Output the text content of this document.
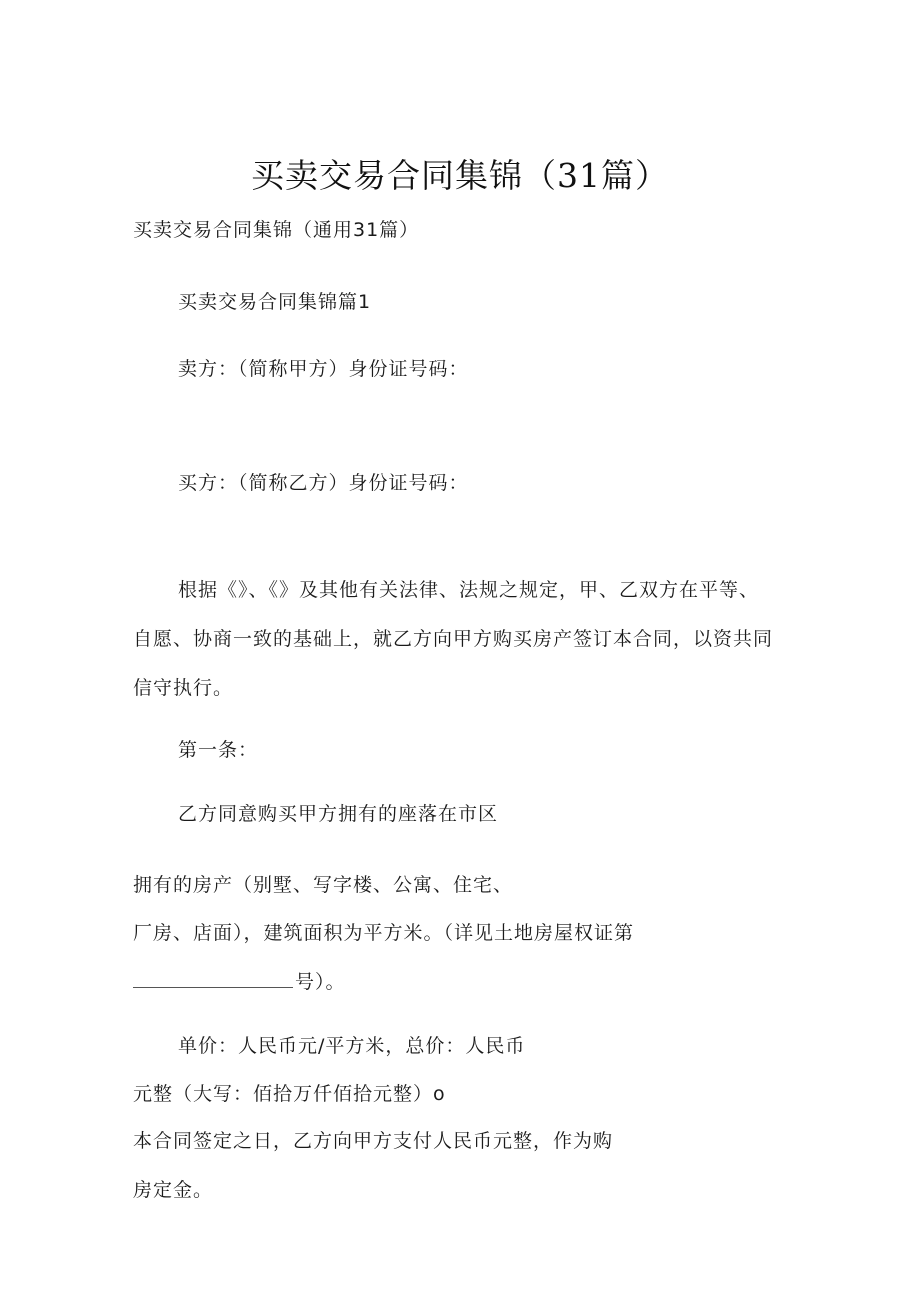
买卖交易合同集锦（31篇）
买卖交易合同集锦（通用31篇）
买卖交易合同集锦篇1
卖方：（简称甲方）身份证号码：
买方：（简称乙方）身份证号码：
根据《》、《》及其他有关法律、法规之规定，甲、乙双方在平等、
自愿、协商一致的基础上，就乙方向甲方购买房产签订本合同，以资共同
信守执行。
第一条：
乙方同意购买甲方拥有的座落在市区
拥有的房产（别墅、写字楼、公寓、住宅、
厂房、店面），建筑面积为平方米。（详见土地房屋权证第
号）。
单价：人民币元/平方米，总价：人民币
元整（大写：佰拾万仟佰拾元整）o
本合同签定之日，乙方向甲方支付人民币元整，作为购
房定金。
